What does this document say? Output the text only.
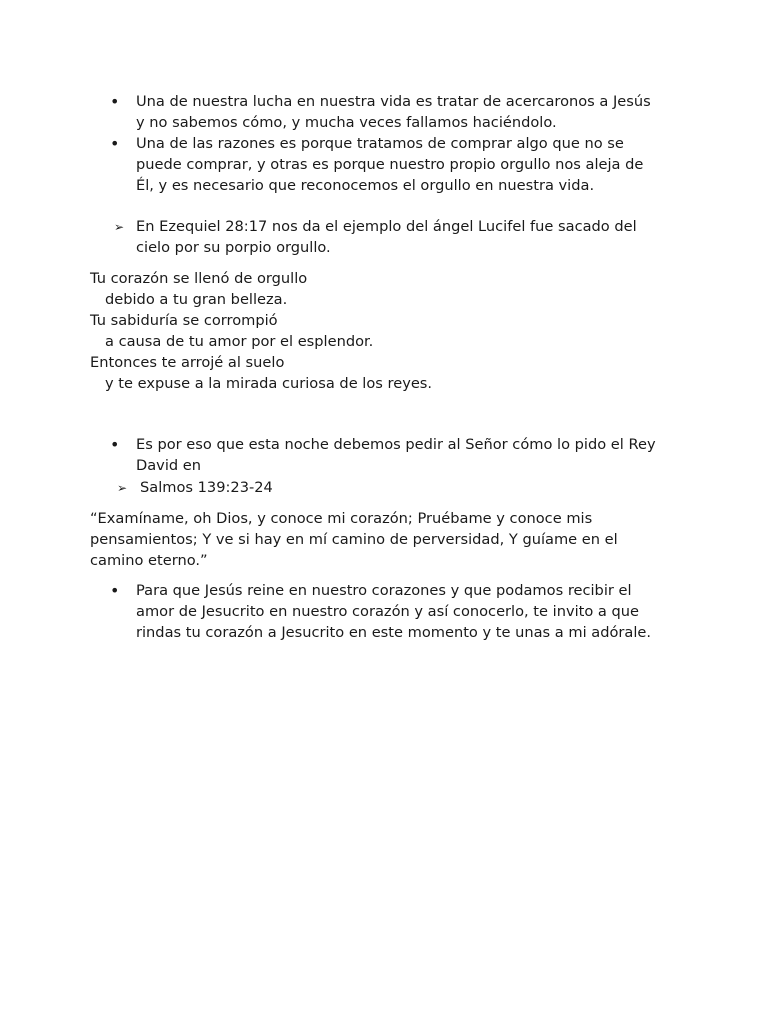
• Una de nuestra lucha en nuestra vida es tratar de acercaronos a Jesús
y no sabemos cómo, y mucha veces fallamos haciéndolo.
• Una de las razones es porque tratamos de comprar algo que no se
puede comprar, y otras es porque nuestro propio orgullo nos aleja de
Él, y es necesario que reconocemos el orgullo en nuestra vida.
➢ En Ezequiel 28:17 nos da el ejemplo del ángel Lucifel fue sacado del
cielo por su porpio orgullo.
Tu corazón se llenó de orgullo
debido a tu gran belleza.
Tu sabiduría se corrompió
a causa de tu amor por el esplendor.
Entonces te arrojé al suelo
y te expuse a la mirada curiosa de los reyes.
• Es por eso que esta noche debemos pedir al Señor cómo lo pido el Rey
David en
➢ Salmos 139:23-24
“Examíname, oh Dios, y conoce mi corazón; Pruébame y conoce mis
pensamientos; Y ve si hay en mí camino de perversidad, Y guíame en el
camino eterno.”
• Para que Jesús reine en nuestro corazones y que podamos recibir el
amor de Jesucrito en nuestro corazón y así conocerlo, te invito a que
rindas tu corazón a Jesucrito en este momento y te unas a mi adórale.
